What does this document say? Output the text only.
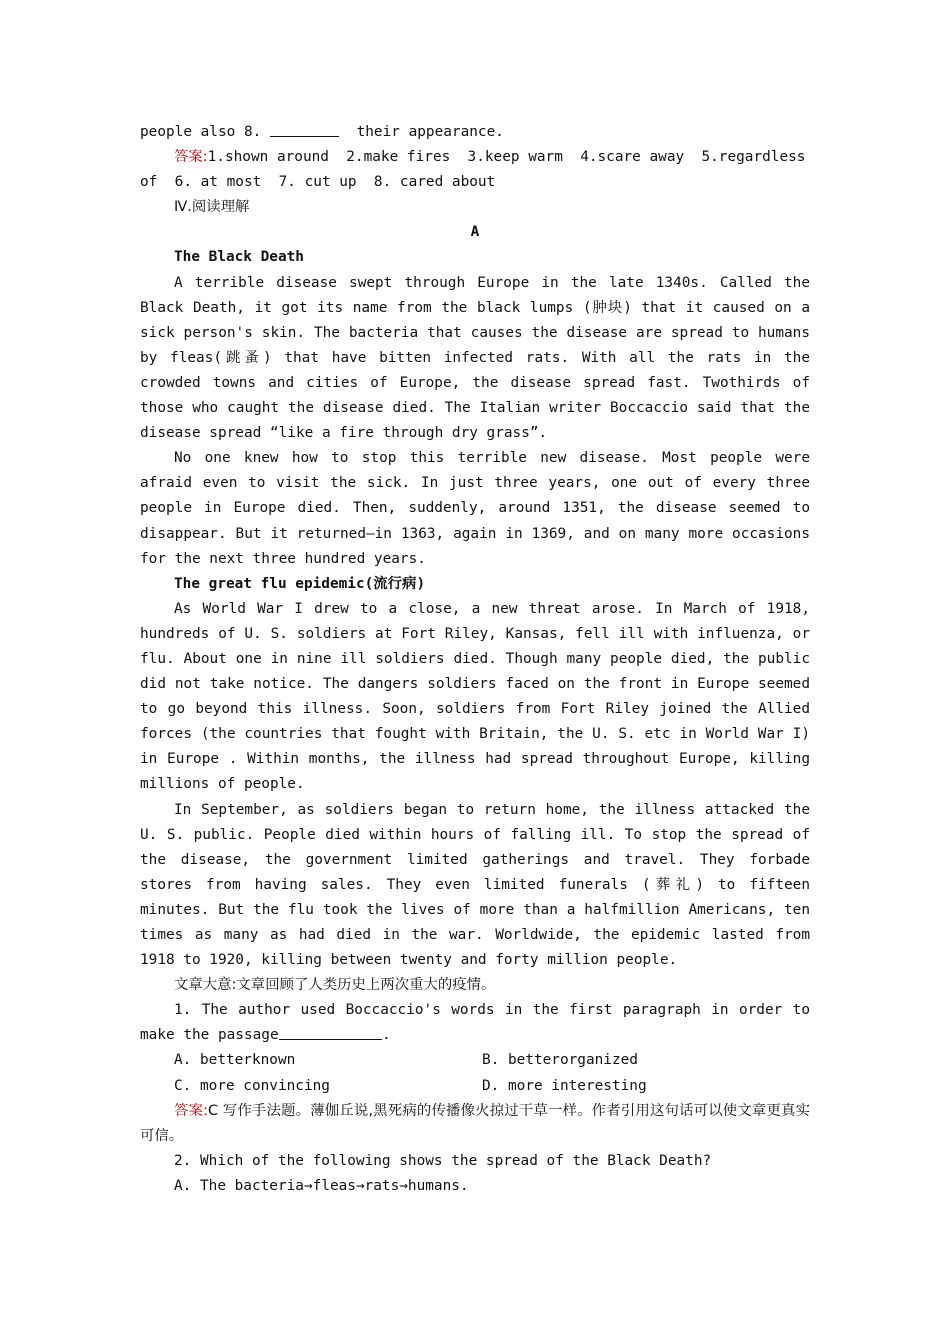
people also 8.	their appearance.
答案:1.shown around  2.make fires  3.keep warm  4.scare away  5.regardless
of  6. at most  7. cut up  8. cared about
Ⅳ.阅读理解
A
The Black Death

A terrible disease swept through Europe in the late 1340s. Called the Black Death, it got its name from the black lumps (肿块) that it caused on a sick person's skin. The bacteria that causes the disease are spread to humans by fleas(跳蚤) that have bitten infected rats. With all the rats in the crowded towns and cities of Europe, the disease spread fast. Twothirds of those who caught the disease died. The Italian writer Boccaccio said that the disease spread “like a fire through dry grass”.

No one knew how to stop this terrible new disease. Most people were afraid even to visit the sick. In just three years, one out of every three people in Europe died. Then, suddenly, around 1351, the disease seemed to disappear. But it returned—in 1363, again in 1369, and on many more occasions for the next three hundred years.

The great flu epidemic(流行病)

As World War I drew to a close, a new threat arose. In March of 1918, hundreds of U. S. soldiers at Fort Riley, Kansas, fell ill with influenza, or flu. About one in nine ill soldiers died. Though many people died, the public did not take notice. The dangers soldiers faced on the front in Europe seemed to go beyond this illness. Soon, soldiers from Fort Riley joined the Allied forces (the countries that fought with Britain, the U. S. etc in World War I) in Europe . Within months, the illness had spread throughout Europe, killing millions of people.

In September, as soldiers began to return home, the illness attacked the U. S. public. People died within hours of falling ill. To stop the spread of the disease, the government limited gatherings and travel. They forbade stores from having sales. They even limited funerals (葬礼) to fifteen minutes. But the flu took the lives of more than a halfmillion Americans, ten times as many as had died in the war. Worldwide, the epidemic lasted from 1918 to 1920, killing between twenty and forty million people.

文章大意:文章回顾了人类历史上两次重大的疫情。

1. The author used Boccaccio's words in the first paragraph in order to make the passage	.

A. betterknown	B. betterorganized
C. more convincing	D. more interesting

答案:C 写作手法题。薄伽丘说,黑死病的传播像火掠过干草一样。作者引用这句话可以使文章更真实可信。

2. Which of the following shows the spread of the Black Death?
A. The bacteria→fleas→rats→humans.
